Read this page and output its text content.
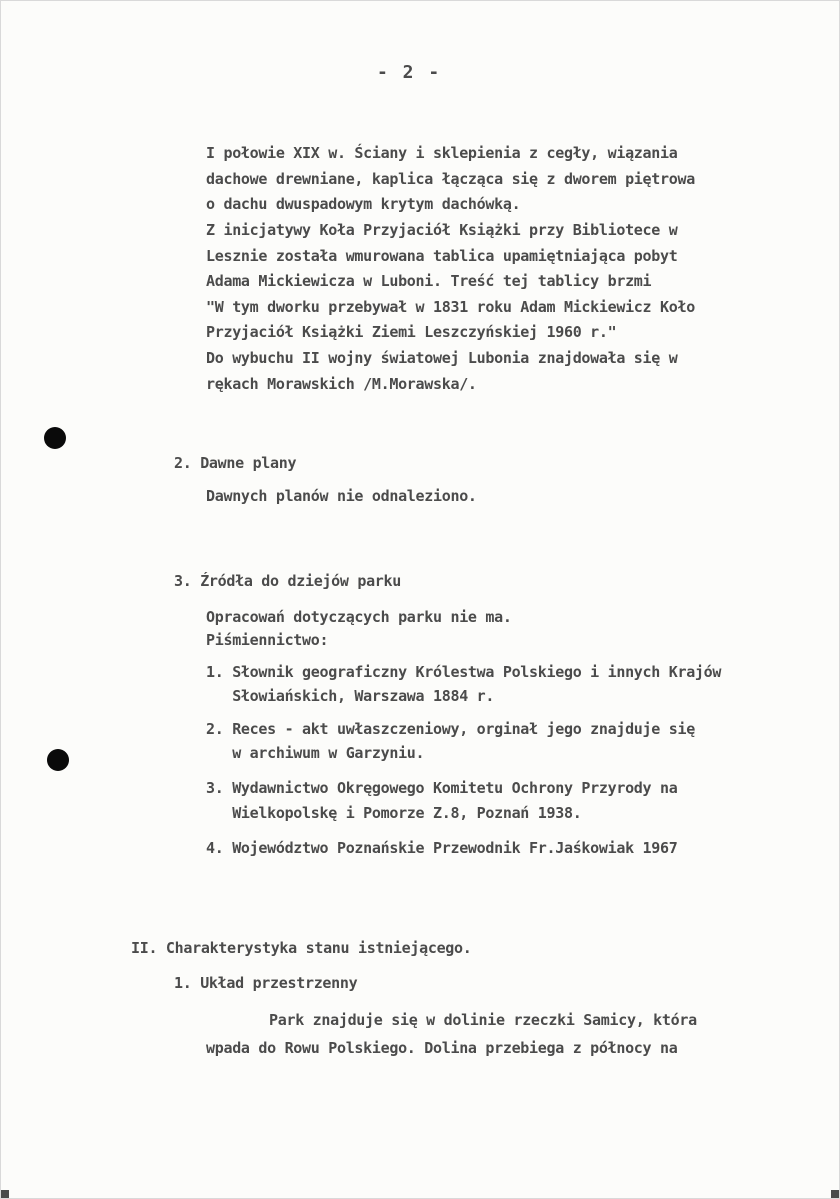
- 2 -
I połowie XIX w. Ściany i sklepienia z cegły, wiązania
dachowe drewniane, kaplica łącząca się z dworem piętrowa
o dachu dwuspadowym krytym dachówką.
Z inicjatywy Koła Przyjaciół Książki przy Bibliotece w
Lesznie została wmurowana tablica upamiętniająca pobyt
Adama Mickiewicza w Luboni. Treść tej tablicy brzmi
"W tym dworku przebywał w 1831 roku Adam Mickiewicz Koło
Przyjaciół Książki Ziemi Leszczyńskiej 1960 r."
Do wybuchu II wojny światowej Lubonia znajdowała się w
rękach Morawskich /M.Morawska/.
2. Dawne plany
Dawnych planów nie odnaleziono.
3. Źródła do dziejów parku
Opracowań dotyczących parku nie ma.
Piśmiennictwo:
1. Słownik geograficzny Królestwa Polskiego i innych Krajów
Słowiańskich, Warszawa 1884 r.
2. Reces - akt uwłaszczeniowy, orginał jego znajduje się
w archiwum w Garzyniu.
3. Wydawnictwo Okręgowego Komitetu Ochrony Przyrody na
Wielkopolskę i Pomorze Z.8, Poznań 1938.
4. Województwo Poznańskie Przewodnik Fr.Jaśkowiak 1967
II. Charakterystyka stanu istniejącego.
1. Układ przestrzenny
Park znajduje się w dolinie rzeczki Samicy, która
wpada do Rowu Polskiego. Dolina przebiega z północy na
